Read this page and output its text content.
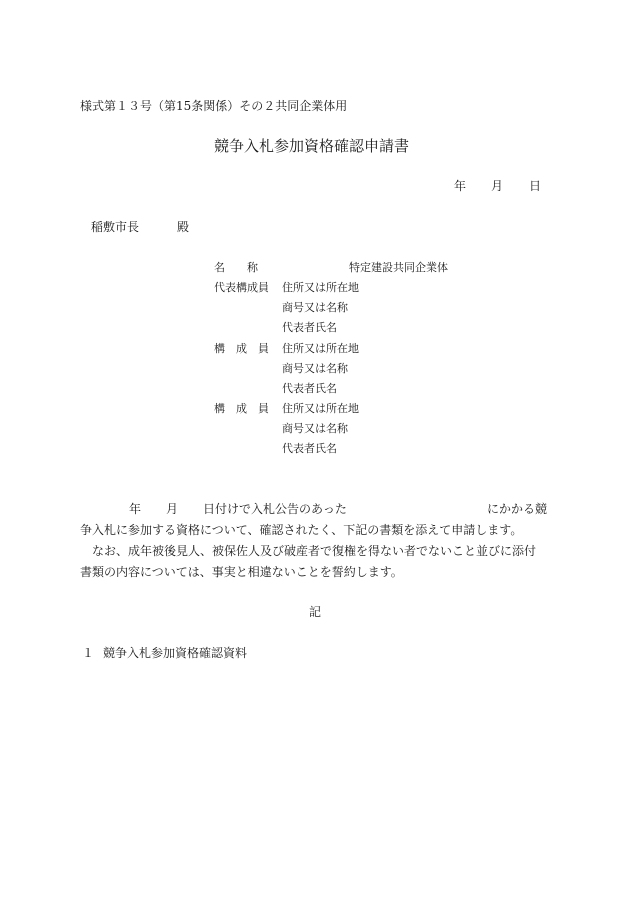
様式第１３号（第15条関係）その２共同企業体用
競争入札参加資格確認申請書
年 月 日
稲敷市長	殿
名　　称	特定建設共同企業体
代表構成員 住所又は所在地
商号又は名称
代表者氏名
構　成　員 住所又は所在地
商号又は名称
代表者氏名
構　成　員 住所又は所在地
商号又は名称
代表者氏名
年 月 日付けで入札公告のあった	にかかる競
争入札に参加する資格について、確認されたく、下記の書類を添えて申請します。
　なお、成年被後見人、被保佐人及び破産者で復権を得ない者でないこと並びに添付
書類の内容については、事実と相違ないことを誓約します。
記
１ 競争入札参加資格確認資料
